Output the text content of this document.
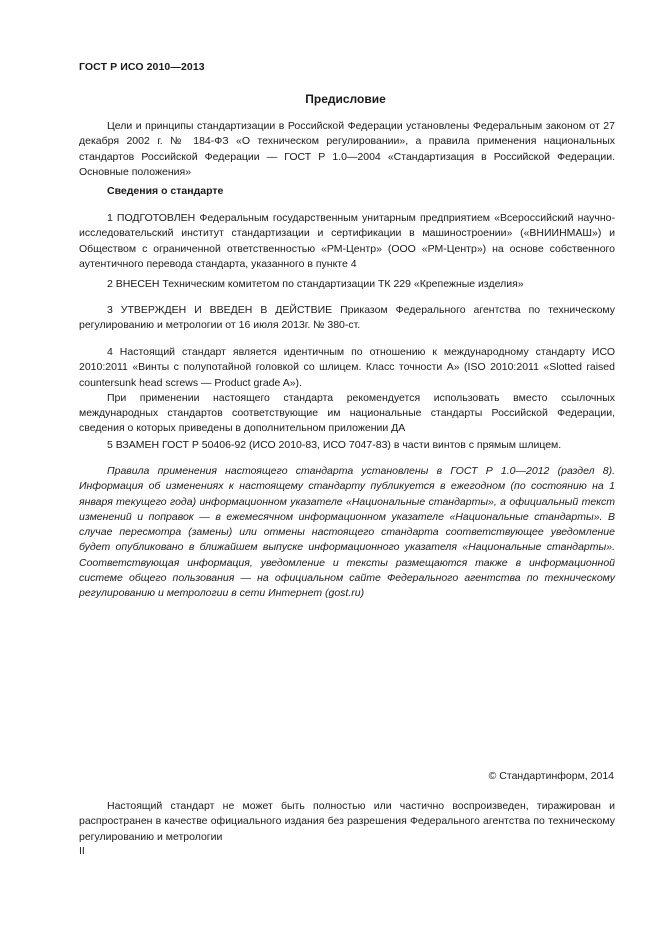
ГОСТ Р ИСО 2010—2013
Предисловие

Цели и принципы стандартизации в Российской Федерации установлены Федеральным законом от 27 декабря 2002 г. № 184-ФЗ «О техническом регулировании», а правила применения национальных стандартов Российской Федерации — ГОСТ Р 1.0—2004 «Стандартизация в Российской Федерации. Основные положения»

Сведения о стандарте

1 ПОДГОТОВЛЕН Федеральным государственным унитарным предприятием «Всероссийский научно-исследовательский институт стандартизации и сертификации в машиностроении» («ВНИИНМАШ») и Обществом с ограниченной ответственностью «РМ-Центр» (ООО «РМ-Центр») на основе собственного аутентичного перевода стандарта, указанного в пункте 4

2 ВНЕСЕН Техническим комитетом по стандартизации ТК 229 «Крепежные изделия»

3 УТВЕРЖДЕН И ВВЕДЕН В ДЕЙСТВИЕ Приказом Федерального агентства по техническому регулированию и метрологии от 16 июля 2013г. № 380-ст.

4 Настоящий стандарт является идентичным по отношению к международному стандарту ИСО 2010:2011 «Винты с полупотайной головкой со шлицем. Класс точности А» (ISO 2010:2011 «Slotted raised countersunk head screws — Product grade A»).

При применении настоящего стандарта рекомендуется использовать вместо ссылочных международных стандартов соответствующие им национальные стандарты Российской Федерации, сведения о которых приведены в дополнительном приложении ДА

5 ВЗАМЕН ГОСТ Р 50406-92 (ИСО 2010-83, ИСО 7047-83) в части винтов с прямым шлицем.

Правила применения настоящего стандарта установлены в ГОСТ Р 1.0—2012 (раздел 8). Информация об изменениях к настоящему стандарту публикуется в ежегодном (по состоянию на 1 января текущего года) информационном указателе «Национальные стандарты», а официальный текст изменений и поправок — в ежемесячном информационном указателе «Национальные стандарты». В случае пересмотра (замены) или отмены настоящего стандарта соответствующее уведомление будет опубликовано в ближайшем выпуске информационного указателя «Национальные стандарты». Соответствующая информация, уведомление и тексты размещаются также в информационной системе общего пользования — на официальном сайте Федерального агентства по техническому регулированию и метрологии в сети Интернет (gost.ru)

© Стандартинформ, 2014

Настоящий стандарт не может быть полностью или частично воспроизведен, тиражирован и распространен в качестве официального издания без разрешения Федерального агентства по техническому регулированию и метрологии

II
